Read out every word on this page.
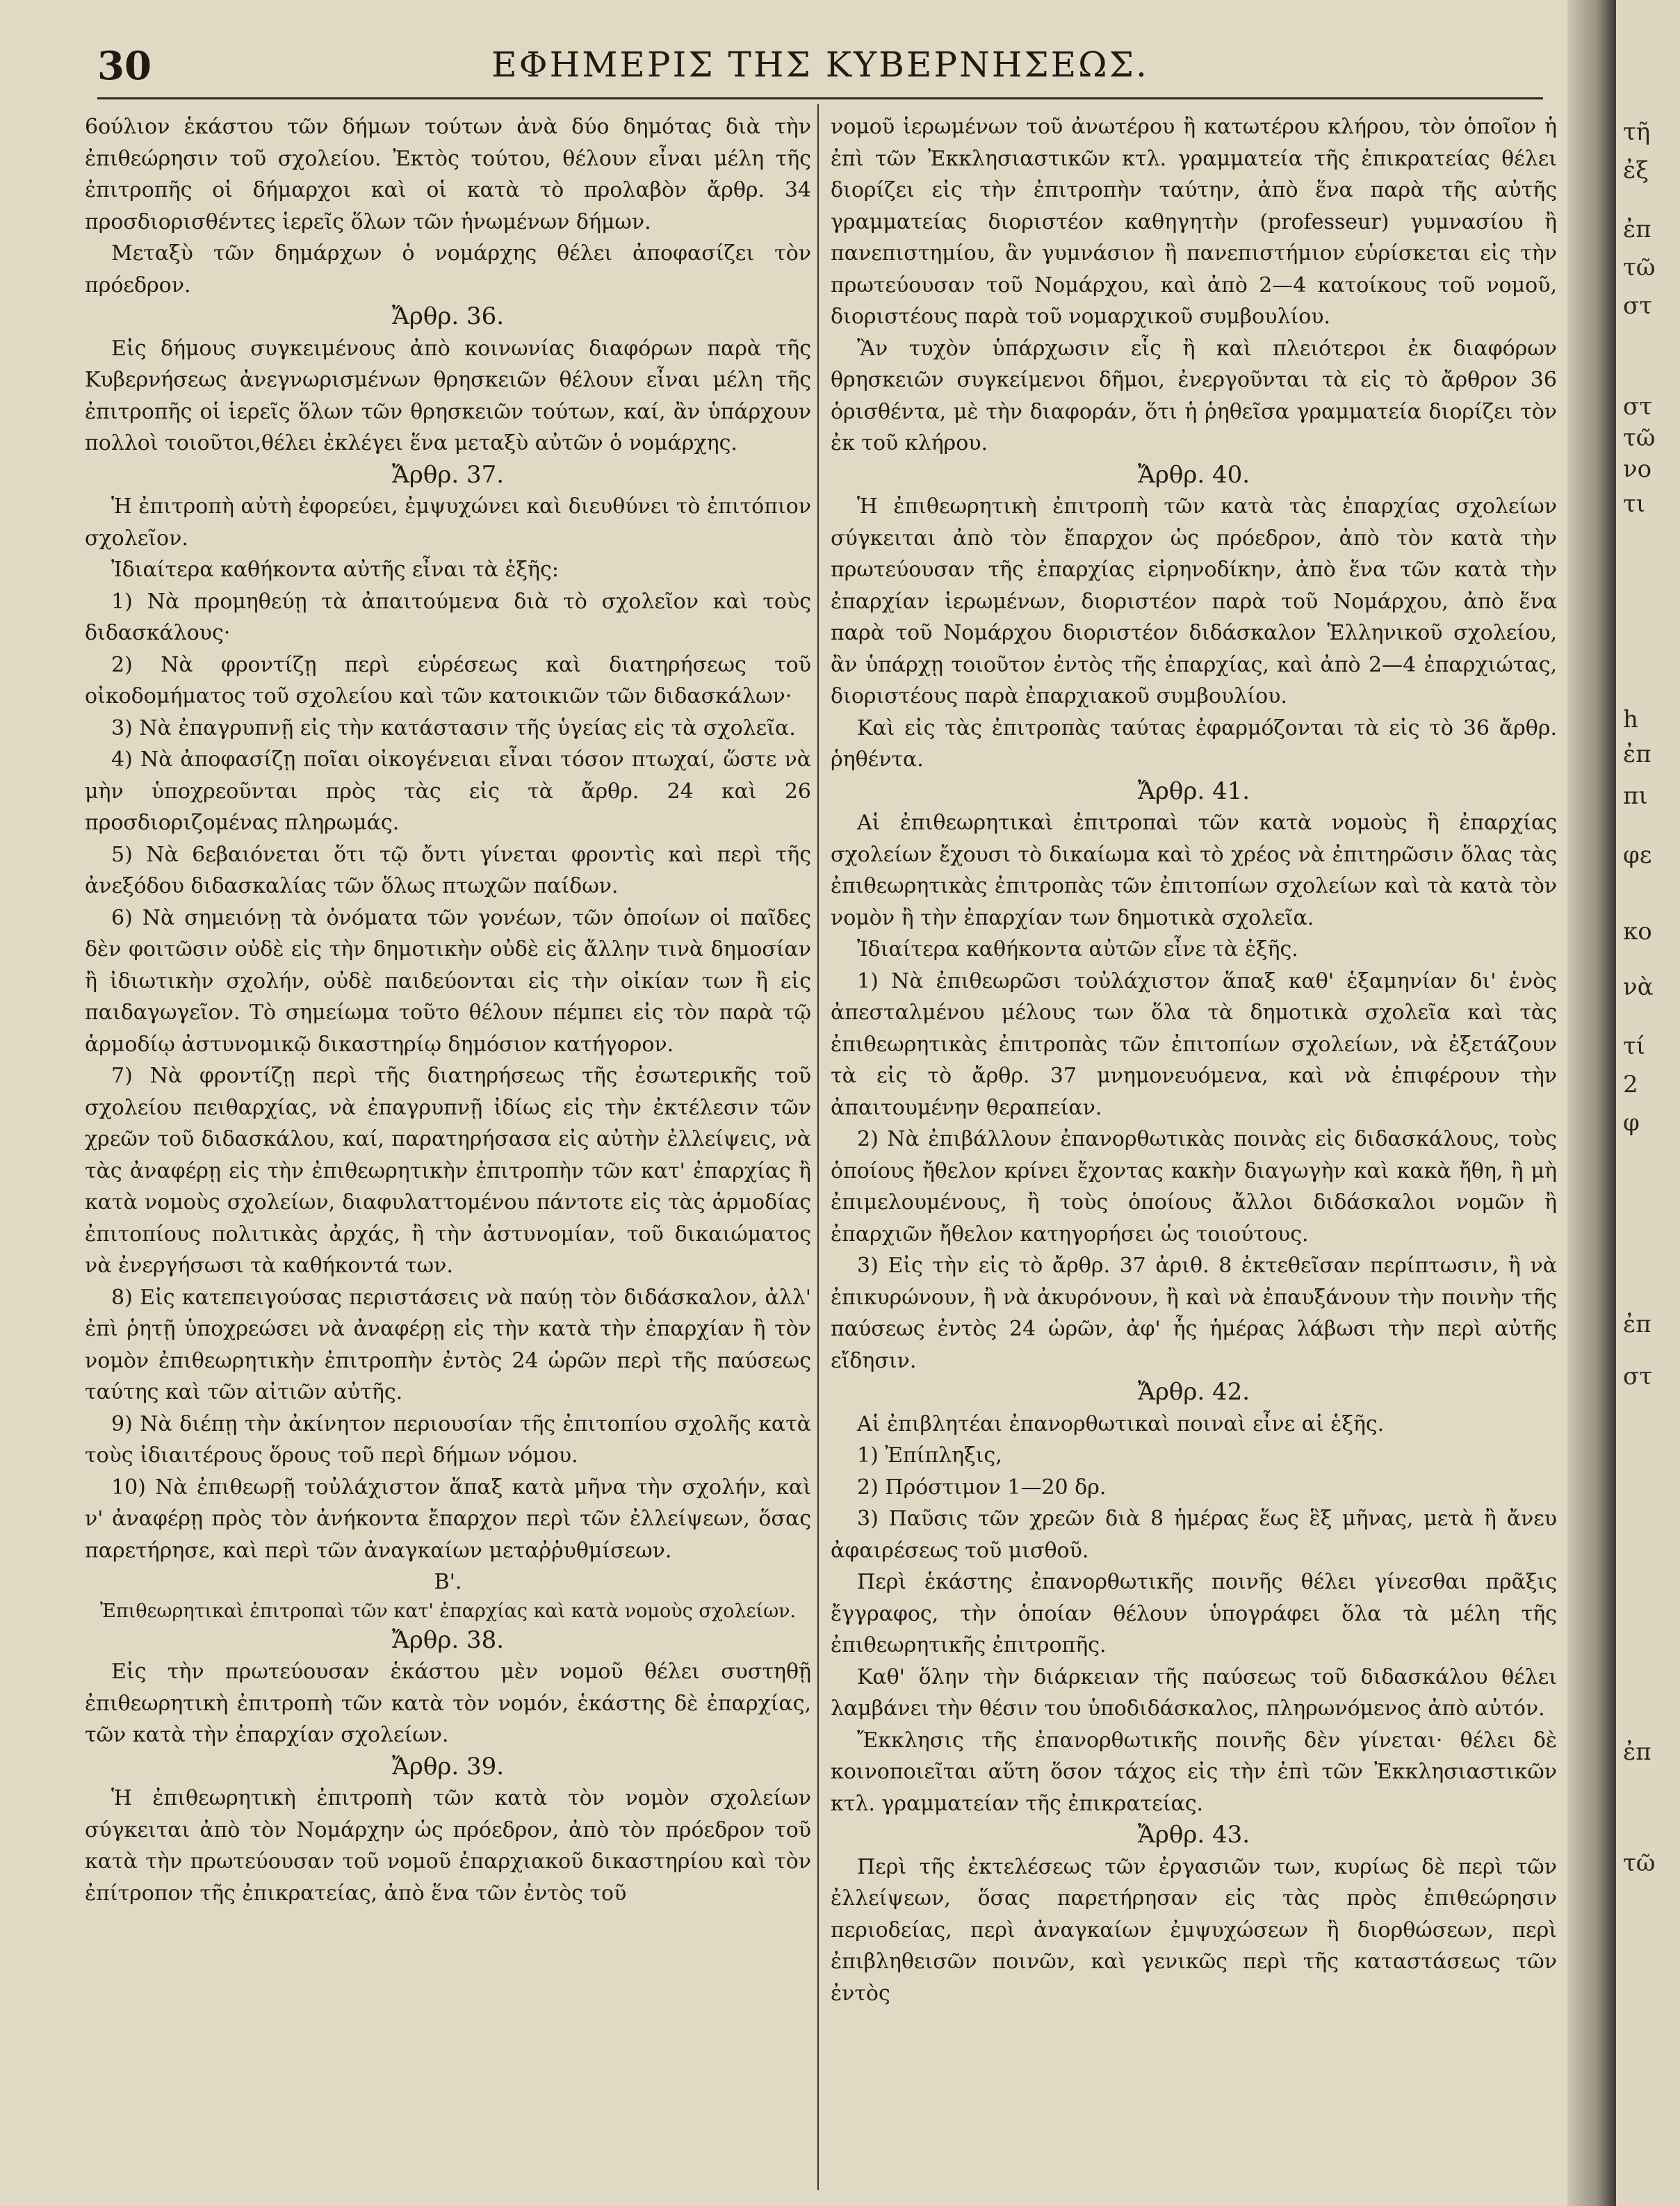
30	ΕΦΗΜΕΡΙΣ ΤΗΣ ΚΥΒΕΡΝΗΣΕΩΣ.

6ούλιον ἑκάστου τῶν δήμων τούτων ἀνὰ δύο δημότας διὰ τὴν ἐπιθεώρησιν τοῦ σχολείου. Ἐκτὸς τούτου, θέλουν εἶναι μέλη τῆς ἐπιτροπῆς οἱ δήμαρχοι καὶ οἱ κατὰ τὸ προλαβὸν ἄρθρ. 34 προσδιορισθέντες ἱερεῖς ὅλων τῶν ἡνωμένων δήμων.

Μεταξὺ τῶν δημάρχων ὁ νομάρχης θέλει ἀποφασίζει τὸν πρόεδρον.

Ἄρθρ. 36.

Εἰς δήμους συγκειμένους ἀπὸ κοινωνίας διαφόρων παρὰ τῆς Κυβερνήσεως ἀνεγνωρισμένων θρησκειῶν θέλουν εἶναι μέλη τῆς ἐπιτροπῆς οἱ ἱερεῖς ὅλων τῶν θρησκειῶν τούτων, καί, ἂν ὑπάρχουν πολλοὶ τοιοῦτοι,θέλει ἐκλέγει ἕνα μεταξὺ αὐτῶν ὁ νομάρχης.

Ἄρθρ. 37.

Ἡ ἐπιτροπὴ αὐτὴ ἐφορεύει, ἐμψυχώνει καὶ διευθύνει τὸ ἐπιτόπιον σχολεῖον.

Ἰδιαίτερα καθήκοντα αὐτῆς εἶναι τὰ ἑξῆς:

1) Νὰ προμηθεύῃ τὰ ἀπαιτούμενα διὰ τὸ σχολεῖον καὶ τοὺς διδασκάλους·

2) Νὰ φροντίζῃ περὶ εὑρέσεως καὶ διατηρήσεως τοῦ οἰκοδομήματος τοῦ σχολείου καὶ τῶν κατοικιῶν τῶν διδασκάλων·

3) Νὰ ἐπαγρυπνῇ εἰς τὴν κατάστασιν τῆς ὑγείας εἰς τὰ σχολεῖα.

4) Νὰ ἀποφασίζῃ ποῖαι οἰκογένειαι εἶναι τόσον πτωχαί, ὥστε νὰ μὴν ὑποχρεοῦνται πρὸς τὰς εἰς τὰ ἄρθρ. 24 καὶ 26 προσδιοριζομένας πληρωμάς.

5) Νὰ 6εβαιόνεται ὅτι τῷ ὄντι γίνεται φροντὶς καὶ περὶ τῆς ἀνεξόδου διδασκαλίας τῶν ὅλως πτωχῶν παίδων.

6) Νὰ σημειόνῃ τὰ ὀνόματα τῶν γονέων, τῶν ὁποίων οἱ παῖδες δὲν φοιτῶσιν οὐδὲ εἰς τὴν δημοτικὴν οὐδὲ εἰς ἄλλην τινὰ δημοσίαν ἢ ἰδιωτικὴν σχολήν, οὐδὲ παιδεύονται εἰς τὴν οἰκίαν των ἢ εἰς παιδαγωγεῖον. Τὸ σημείωμα τοῦτο θέλουν πέμπει εἰς τὸν παρὰ τῷ ἁρμοδίῳ ἀστυνομικῷ δικαστηρίῳ δημόσιον κατήγορον.

7) Νὰ φροντίζῃ περὶ τῆς διατηρήσεως τῆς ἐσωτερικῆς τοῦ σχολείου πειθαρχίας, νὰ ἐπαγρυπνῇ ἰδίως εἰς τὴν ἐκτέλεσιν τῶν χρεῶν τοῦ διδασκάλου, καί, παρατηρήσασα εἰς αὐτὴν ἐλλείψεις, νὰ τὰς ἀναφέρῃ εἰς τὴν ἐπιθεωρητικὴν ἐπιτροπὴν τῶν κατ' ἐπαρχίας ἢ κατὰ νομοὺς σχολείων, διαφυλαττομένου πάντοτε εἰς τὰς ἁρμοδίας ἐπιτοπίους πολιτικὰς ἀρχάς, ἢ τὴν ἀστυνομίαν, τοῦ δικαιώματος νὰ ἐνεργήσωσι τὰ καθήκοντά των.

8) Εἰς κατεπειγούσας περιστάσεις νὰ παύῃ τὸν διδάσκαλον, ἀλλ' ἐπὶ ῥητῇ ὑποχρεώσει νὰ ἀναφέρῃ εἰς τὴν κατὰ τὴν ἐπαρχίαν ἢ τὸν νομὸν ἐπιθεωρητικὴν ἐπιτροπὴν ἐντὸς 24 ὡρῶν περὶ τῆς παύσεως ταύτης καὶ τῶν αἰτιῶν αὐτῆς.

9) Νὰ διέπῃ τὴν ἀκίνητον περιουσίαν τῆς ἐπιτοπίου σχολῆς κατὰ τοὺς ἰδιαιτέρους ὅρους τοῦ περὶ δήμων νόμου.

10) Νὰ ἐπιθεωρῇ τοὐλάχιστον ἅπαξ κατὰ μῆνα τὴν σχολήν, καὶ ν' ἀναφέρῃ πρὸς τὸν ἀνήκοντα ἔπαρχον περὶ τῶν ἐλλείψεων, ὅσας παρετήρησε, καὶ περὶ τῶν ἀναγκαίων μεταῤῥυθμίσεων.

Β'.

Ἐπιθεωρητικαὶ ἐπιτροπαὶ τῶν κατ' ἐπαρχίας καὶ κατὰ νομοὺς σχολείων.

Ἄρθρ. 38.

Εἰς τὴν πρωτεύουσαν ἑκάστου μὲν νομοῦ θέλει συστηθῇ ἐπιθεωρητικὴ ἐπιτροπὴ τῶν κατὰ τὸν νομόν, ἑκάστης δὲ ἐπαρχίας, τῶν κατὰ τὴν ἐπαρχίαν σχολείων.

Ἄρθρ. 39.

Ἡ ἐπιθεωρητικὴ ἐπιτροπὴ τῶν κατὰ τὸν νομὸν σχολείων σύγκειται ἀπὸ τὸν Νομάρχην ὡς πρόεδρον, ἀπὸ τὸν πρόεδρον τοῦ κατὰ τὴν πρωτεύουσαν τοῦ νομοῦ ἐπαρχιακοῦ δικαστηρίου καὶ τὸν ἐπίτροπον τῆς ἐπικρατείας, ἀπὸ ἕνα τῶν ἐντὸς τοῦ

νομοῦ ἱερωμένων τοῦ ἀνωτέρου ἢ κατωτέρου κλήρου, τὸν ὁποῖον ἡ ἐπὶ τῶν Ἐκκλησιαστικῶν κτλ. γραμματεία τῆς ἐπικρατείας θέλει διορίζει εἰς τὴν ἐπιτροπὴν ταύτην, ἀπὸ ἕνα παρὰ τῆς αὐτῆς γραμματείας διοριστέον καθηγητὴν (professeur) γυμνασίου ἢ πανεπιστημίου, ἂν γυμνάσιον ἢ πανεπιστήμιον εὑρίσκεται εἰς τὴν πρωτεύουσαν τοῦ Νομάρχου, καὶ ἀπὸ 2—4 κατοίκους τοῦ νομοῦ, διοριστέους παρὰ τοῦ νομαρχικοῦ συμβουλίου.

Ἂν τυχὸν ὑπάρχωσιν εἷς ἢ καὶ πλειότεροι ἐκ διαφόρων θρησκειῶν συγκείμενοι δῆμοι, ἐνεργοῦνται τὰ εἰς τὸ ἄρθρον 36 ὁρισθέντα, μὲ τὴν διαφοράν, ὅτι ἡ ῥηθεῖσα γραμματεία διορίζει τὸν ἐκ τοῦ κλήρου.

Ἄρθρ. 40.

Ἡ ἐπιθεωρητικὴ ἐπιτροπὴ τῶν κατὰ τὰς ἐπαρχίας σχολείων σύγκειται ἀπὸ τὸν ἔπαρχον ὡς πρόεδρον, ἀπὸ τὸν κατὰ τὴν πρωτεύουσαν τῆς ἐπαρχίας εἰρηνοδίκην, ἀπὸ ἕνα τῶν κατὰ τὴν ἐπαρχίαν ἱερωμένων, διοριστέον παρὰ τοῦ Νομάρχου, ἀπὸ ἕνα παρὰ τοῦ Νομάρχου διοριστέον διδάσκαλον Ἑλληνικοῦ σχολείου, ἂν ὑπάρχῃ τοιοῦτον ἐντὸς τῆς ἐπαρχίας, καὶ ἀπὸ 2—4 ἐπαρχιώτας, διοριστέους παρὰ ἐπαρχιακοῦ συμβουλίου.

Καὶ εἰς τὰς ἐπιτροπὰς ταύτας ἐφαρμόζονται τὰ εἰς τὸ 36 ἄρθρ. ῥηθέντα.

Ἄρθρ. 41.

Αἱ ἐπιθεωρητικαὶ ἐπιτροπαὶ τῶν κατὰ νομοὺς ἢ ἐπαρχίας σχολείων ἔχουσι τὸ δικαίωμα καὶ τὸ χρέος νὰ ἐπιτηρῶσιν ὅλας τὰς ἐπιθεωρητικὰς ἐπιτροπὰς τῶν ἐπιτοπίων σχολείων καὶ τὰ κατὰ τὸν νομὸν ἢ τὴν ἐπαρχίαν των δημοτικὰ σχολεῖα.

Ἰδιαίτερα καθήκοντα αὐτῶν εἶνε τὰ ἑξῆς.

1) Νὰ ἐπιθεωρῶσι τοὐλάχιστον ἅπαξ καθ' ἑξαμηνίαν δι' ἑνὸς ἀπεσταλμένου μέλους των ὅλα τὰ δημοτικὰ σχολεῖα καὶ τὰς ἐπιθεωρητικὰς ἐπιτροπὰς τῶν ἐπιτοπίων σχολείων, νὰ ἐξετάζουν τὰ εἰς τὸ ἄρθρ. 37 μνημονευόμενα, καὶ νὰ ἐπιφέρουν τὴν ἀπαιτουμένην θεραπείαν.

2) Νὰ ἐπιβάλλουν ἐπανορθωτικὰς ποινὰς εἰς διδασκάλους, τοὺς ὁποίους ἤθελον κρίνει ἔχοντας κακὴν διαγωγὴν καὶ κακὰ ἤθη, ἢ μὴ ἐπιμελουμένους, ἢ τοὺς ὁποίους ἄλλοι διδάσκαλοι νομῶν ἢ ἐπαρχιῶν ἤθελον κατηγορήσει ὡς τοιούτους.

3) Εἰς τὴν εἰς τὸ ἄρθρ. 37 ἀριθ. 8 ἐκτεθεῖσαν περίπτωσιν, ἢ νὰ ἐπικυρώνουν, ἢ νὰ ἀκυρόνουν, ἢ καὶ νὰ ἐπαυξάνουν τὴν ποινὴν τῆς παύσεως ἐντὸς 24 ὡρῶν, ἀφ' ἧς ἡμέρας λάβωσι τὴν περὶ αὐτῆς εἴδησιν.

Ἄρθρ. 42.

Αἱ ἐπιβλητέαι ἐπανορθωτικαὶ ποιναὶ εἶνε αἱ ἑξῆς.

1) Ἐπίπληξις,

2) Πρόστιμον 1—20 δρ.

3) Παῦσις τῶν χρεῶν διὰ 8 ἡμέρας ἕως ἓξ μῆνας, μετὰ ἢ ἄνευ ἀφαιρέσεως τοῦ μισθοῦ.

Περὶ ἑκάστης ἐπανορθωτικῆς ποινῆς θέλει γίνεσθαι πρᾶξις ἔγγραφος, τὴν ὁποίαν θέλουν ὑπογράφει ὅλα τὰ μέλη τῆς ἐπιθεωρητικῆς ἐπιτροπῆς.

Καθ' ὅλην τὴν διάρκειαν τῆς παύσεως τοῦ διδασκάλου θέλει λαμβάνει τὴν θέσιν του ὑποδιδάσκαλος, πληρωνόμενος ἀπὸ αὐτόν.

Ἔκκλησις τῆς ἐπανορθωτικῆς ποινῆς δὲν γίνεται· θέλει δὲ κοινοποιεῖται αὕτη ὅσον τάχος εἰς τὴν ἐπὶ τῶν Ἐκκλησιαστικῶν κτλ. γραμματείαν τῆς ἐπικρατείας.

Ἄρθρ. 43.

Περὶ τῆς ἐκτελέσεως τῶν ἐργασιῶν των, κυρίως δὲ περὶ τῶν ἐλλείψεων, ὅσας παρετήρησαν εἰς τὰς πρὸς ἐπιθεώρησιν περιοδείας, περὶ ἀναγκαίων ἐμψυχώσεων ἢ διορθώσεων, περὶ ἐπιβληθεισῶν ποινῶν, καὶ γενικῶς περὶ τῆς καταστάσεως τῶν ἐντὸς

τῆ
ἐξ
ἐπ
τῶ
στ
στ
τῶ
νο
τι
h
ἐπ
πι
φε
κο
νὰ
τί
2
φ
ἐπ
στ
ἐπ
τῶ
